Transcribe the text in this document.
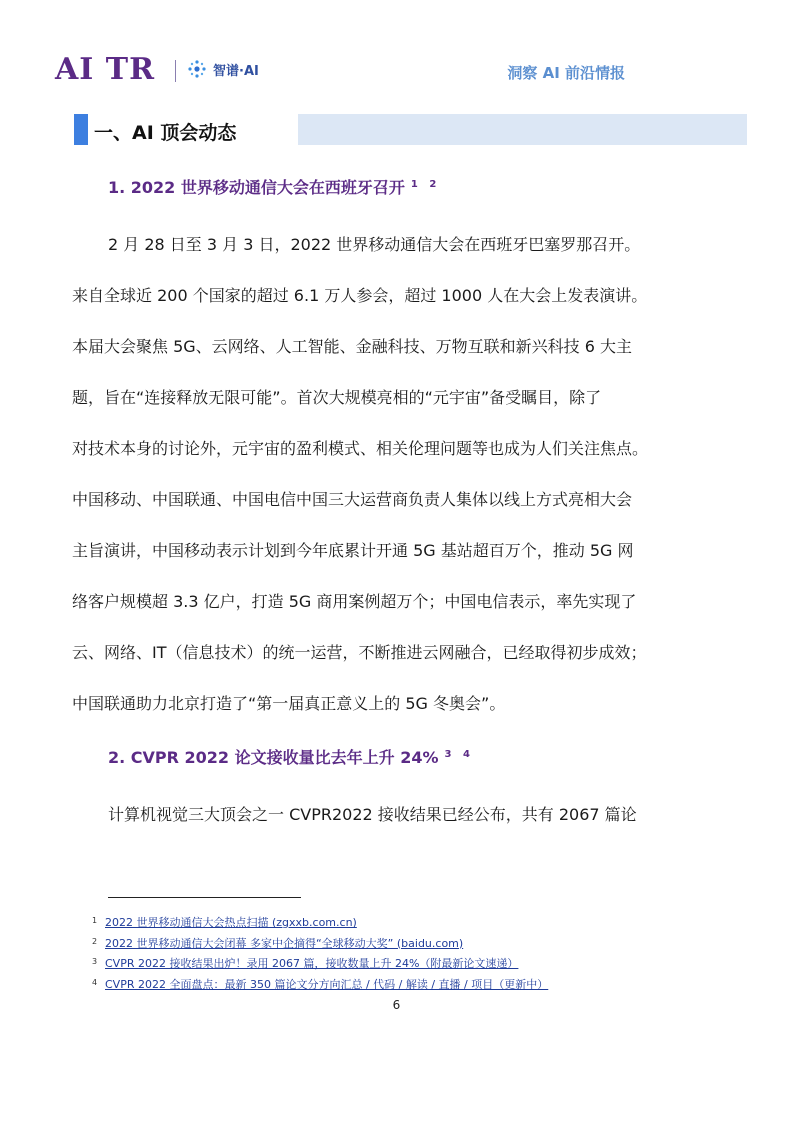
AI TR	智谱·AI	洞察 AI 前沿情报
一、AI 顶会动态
1. 2022 世界移动通信大会在西班牙召开 $^{1 2}$
2 月 28 日至 3 月 3 日，2022 世界移动通信大会在西班牙巴塞罗那召开。
来自全球近 200 个国家的超过 6.1 万人参会，超过 1000 人在大会上发表演讲。
本届大会聚焦 5G、云网络、人工智能、金融科技、万物互联和新兴科技 6 大主
题，旨在“连接释放无限可能”。首次大规模亮相的“元宇宙”备受瞩目，除了
对技术本身的讨论外，元宇宙的盈利模式、相关伦理问题等也成为人们关注焦点。
中国移动、中国联通、中国电信中国三大运营商负责人集体以线上方式亮相大会
主旨演讲，中国移动表示计划到今年底累计开通 5G 基站超百万个，推动 5G 网
络客户规模超 3.3 亿户，打造 5G 商用案例超万个；中国电信表示，率先实现了
云、网络、IT（信息技术）的统一运营，不断推进云网融合，已经取得初步成效；
中国联通助力北京打造了“第一届真正意义上的 5G 冬奥会”。
2. CVPR 2022 论文接收量比去年上升 24% $^{3 4}$
计算机视觉三大顶会之一 CVPR2022 接收结果已经公布，共有 2067 篇论
1 2022 世界移动通信大会热点扫描 (zgxxb.com.cn)
2 2022 世界移动通信大会闭幕 多家中企摘得“全球移动大奖” (baidu.com)
3 CVPR 2022 接收结果出炉！录用 2067 篇，接收数量上升 24%（附最新论文速递）
4 CVPR 2022 全面盘点：最新 350 篇论文分方向汇总 / 代码 / 解读 / 直播 / 项目（更新中）
6
